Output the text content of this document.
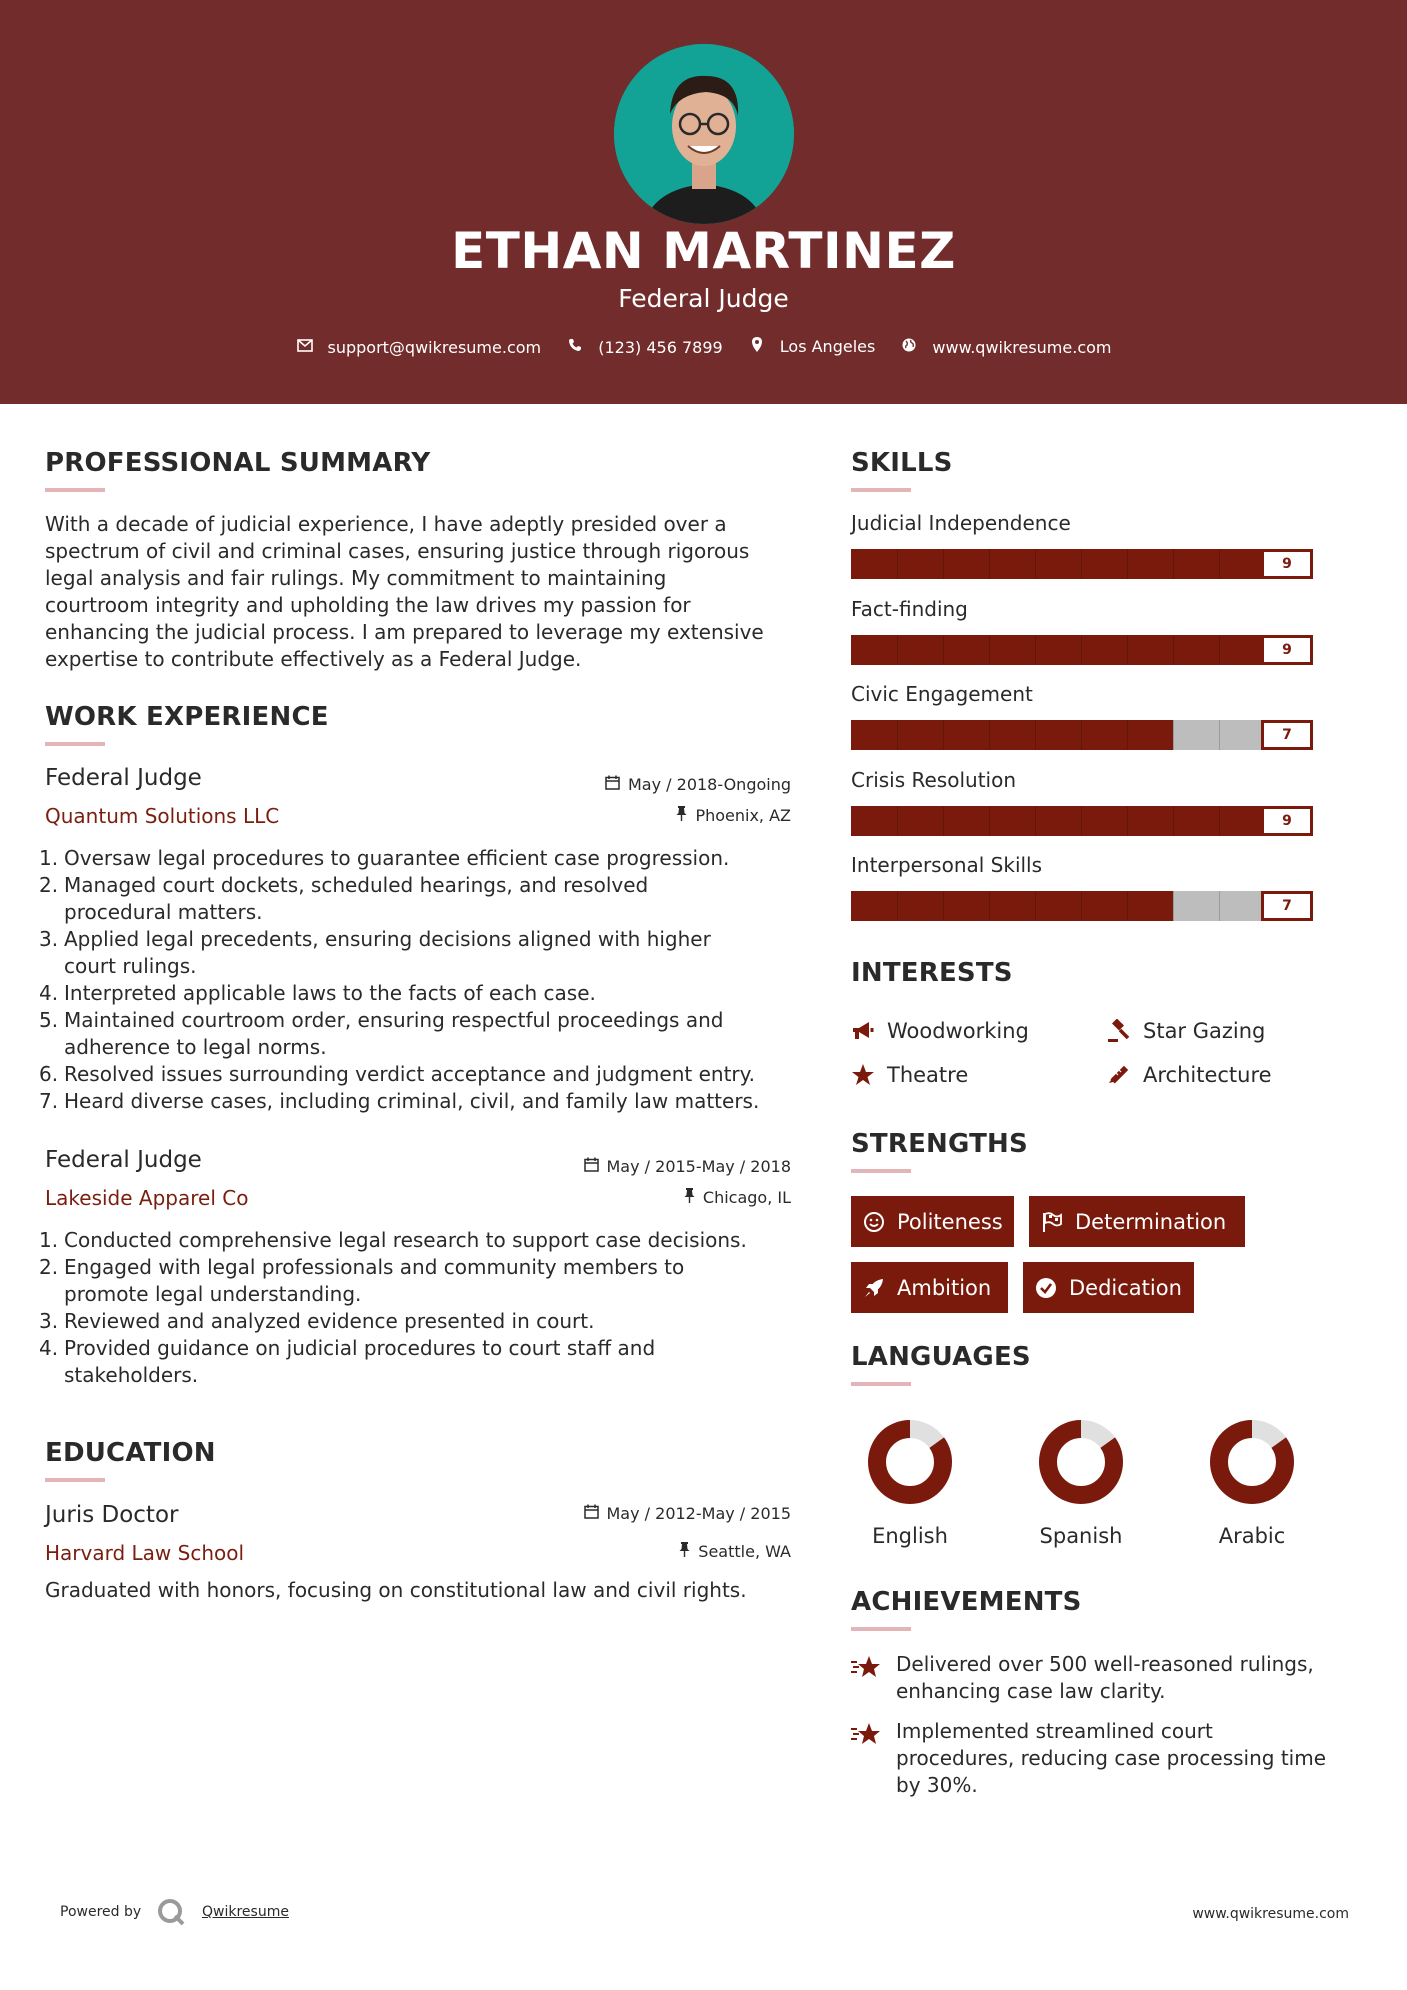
ETHAN MARTINEZ
Federal Judge
support@qwikresume.com
	(123) 456 7899
	Los Angeles
	www.qwikresume.com
PROFESSIONAL SUMMARY
With a decade of judicial experience, I have adeptly presided over a
spectrum of civil and criminal cases, ensuring justice through rigorous
legal analysis and fair rulings. My commitment to maintaining
courtroom integrity and upholding the law drives my passion for
enhancing the judicial process. I am prepared to leverage my extensive
expertise to contribute effectively as a Federal Judge.
WORK EXPERIENCE
Federal Judge
Quantum Solutions LLC
May / 2018-Ongoing
Phoenix, AZ
1. Oversaw legal procedures to guarantee efficient case progression.
2. Managed court dockets, scheduled hearings, and resolved
procedural matters.
3. Applied legal precedents, ensuring decisions aligned with higher
court rulings.
4. Interpreted applicable laws to the facts of each case.
5. Maintained courtroom order, ensuring respectful proceedings and
adherence to legal norms.
6. Resolved issues surrounding verdict acceptance and judgment entry.
7. Heard diverse cases, including criminal, civil, and family law matters.
Federal Judge
Lakeside Apparel Co
May / 2015-May / 2018
Chicago, IL
1. Conducted comprehensive legal research to support case decisions.
2. Engaged with legal professionals and community members to
promote legal understanding.
3. Reviewed and analyzed evidence presented in court.
4. Provided guidance on judicial procedures to court staff and
stakeholders.
EDUCATION
Juris Doctor
Harvard Law School
May / 2012-May / 2015
Seattle, WA
Graduated with honors, focusing on constitutional law and civil rights.
SKILLS
Judicial Independence
9
Fact-finding
9
Civic Engagement
7
Crisis Resolution
9
Interpersonal Skills
7
INTERESTS
Woodworking	Star Gazing
Theatre	Architecture
STRENGTHS
Politeness	Determination
Ambition	Dedication
LANGUAGES
English	Spanish	Arabic
ACHIEVEMENTS
Delivered over 500 well-reasoned rulings,
enhancing case law clarity.
Implemented streamlined court
procedures, reducing case processing time
by 30%.
Powered by	Qwikresume	www.qwikresume.com
